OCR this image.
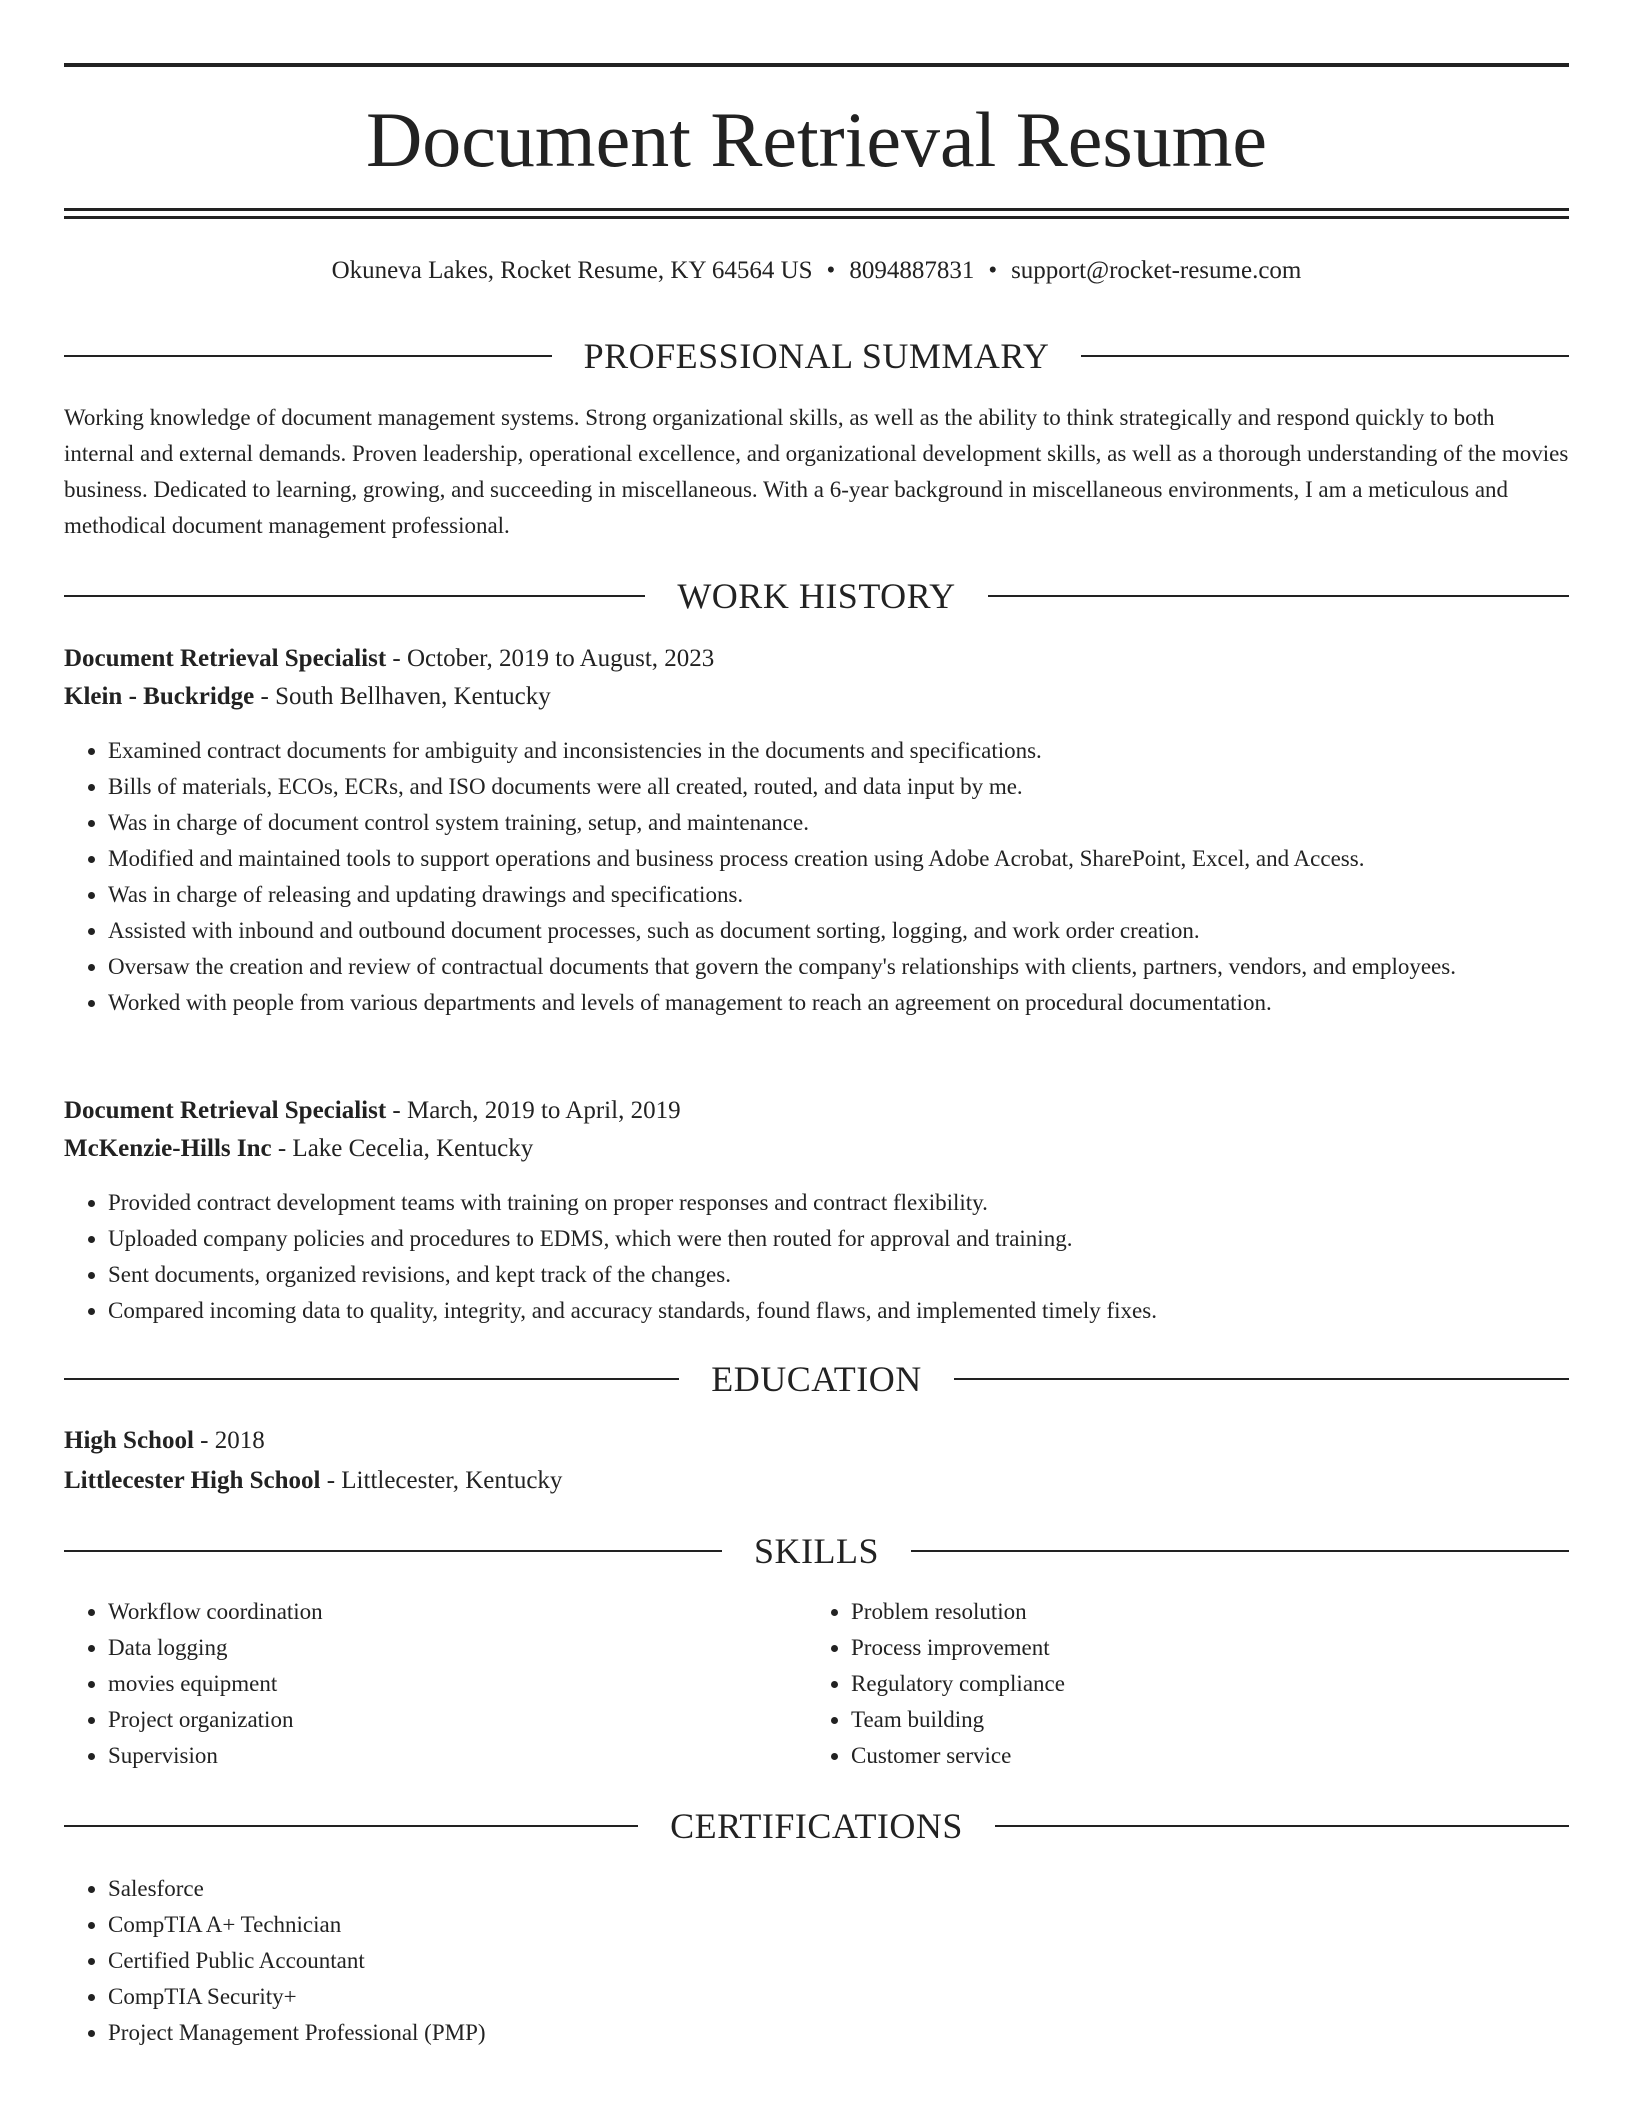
Document Retrieval Resume
Okuneva Lakes, Rocket Resume, KY 64564 US • 8094887831 • support@rocket-resume.com
PROFESSIONAL SUMMARY

Working knowledge of document management systems. Strong organizational skills, as well as the ability to think strategically and respond quickly to both internal and external demands. Proven leadership, operational excellence, and organizational development skills, as well as a thorough understanding of the movies business. Dedicated to learning, growing, and succeeding in miscellaneous. With a 6-year background in miscellaneous environments, I am a meticulous and methodical document management professional.

WORK HISTORY
Document Retrieval Specialist - October, 2019 to August, 2023
Klein - Buckridge - South Bellhaven, Kentucky
• Examined contract documents for ambiguity and inconsistencies in the documents and specifications.
• Bills of materials, ECOs, ECRs, and ISO documents were all created, routed, and data input by me.
• Was in charge of document control system training, setup, and maintenance.
• Modified and maintained tools to support operations and business process creation using Adobe Acrobat, SharePoint, Excel, and Access.
• Was in charge of releasing and updating drawings and specifications.
• Assisted with inbound and outbound document processes, such as document sorting, logging, and work order creation.
• Oversaw the creation and review of contractual documents that govern the company's relationships with clients, partners, vendors, and employees.
• Worked with people from various departments and levels of management to reach an agreement on procedural documentation.
Document Retrieval Specialist - March, 2019 to April, 2019
McKenzie-Hills Inc - Lake Cecelia, Kentucky
• Provided contract development teams with training on proper responses and contract flexibility.
• Uploaded company policies and procedures to EDMS, which were then routed for approval and training.
• Sent documents, organized revisions, and kept track of the changes.
• Compared incoming data to quality, integrity, and accuracy standards, found flaws, and implemented timely fixes.
EDUCATION
High School - 2018
Littlecester High School - Littlecester, Kentucky
SKILLS
• Workflow coordination
• Data logging
• movies equipment
• Project organization
• Supervision
• Problem resolution
• Process improvement
• Regulatory compliance
• Team building
• Customer service
CERTIFICATIONS
• Salesforce
• CompTIA A+ Technician
• Certified Public Accountant
• CompTIA Security+
• Project Management Professional (PMP)
